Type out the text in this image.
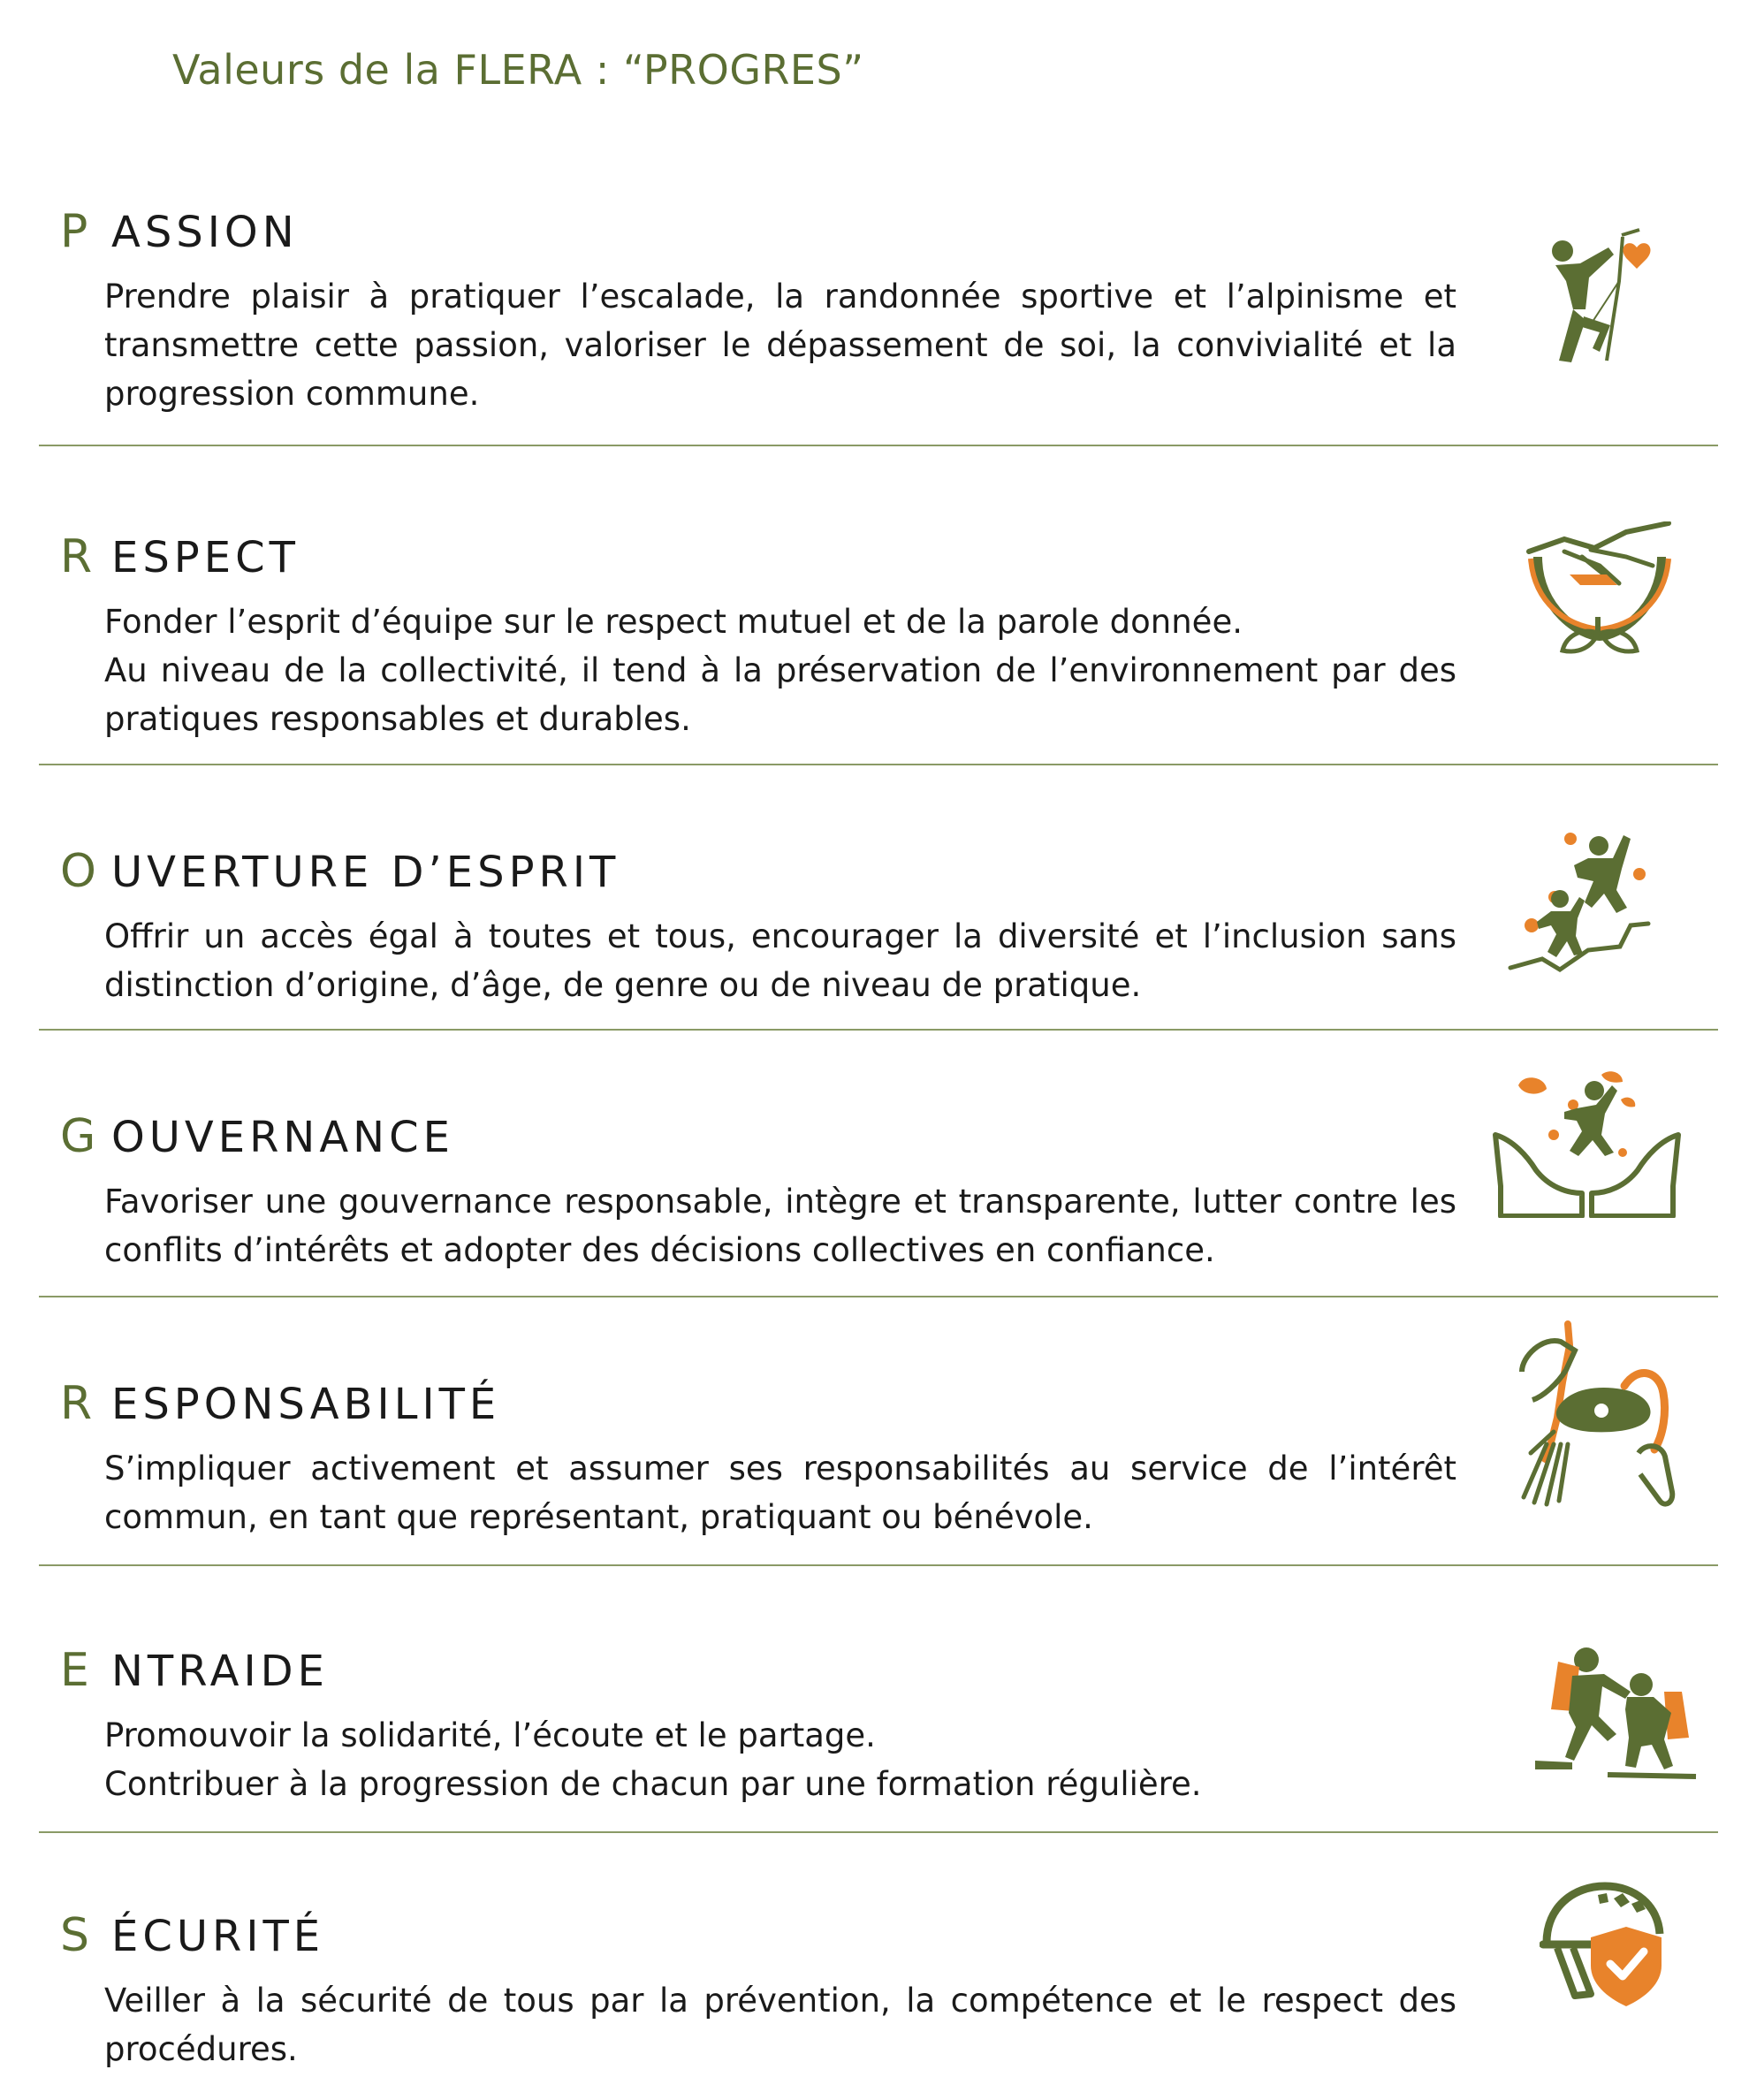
Valeurs de la FLERA : “PROGRES”
P ASSION

Prendre plaisir à pratiquer l’escalade, la randonnée sportive et l’alpinisme et transmettre cette passion, valoriser le dépassement de soi, la convivialité et la progression commune.

R ESPECT

Fonder l’esprit d’équipe sur le respect mutuel et de la parole donnée.

Au niveau de la collectivité, il tend à la préservation de l’environnement par des pratiques responsables et durables.

O UVERTURE D’ESPRIT

Offrir un accès égal à toutes et tous, encourager la diversité et l’inclusion sans distinction d’origine, d’âge, de genre ou de niveau de pratique.

G OUVERNANCE

Favoriser une gouvernance responsable, intègre et transparente, lutter contre les conflits d’intérêts et adopter des décisions collectives en confiance.

R ESPONSABILITÉ

S’impliquer activement et assumer ses responsabilités au service de l’intérêt commun, en tant que représentant, pratiquant ou bénévole.

E NTRAIDE

Promouvoir la solidarité, l’écoute et le partage.

Contribuer à la progression de chacun par une formation régulière.

S ÉCURITÉ

Veiller à la sécurité de tous par la prévention, la compétence et le respect des procédures.
